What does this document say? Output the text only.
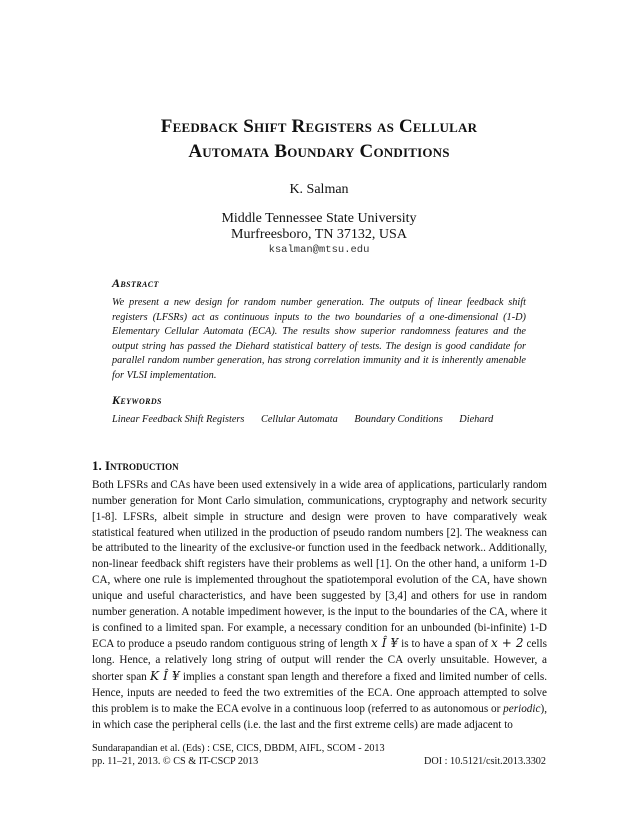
Feedback Shift Registers as Cellular
Automata Boundary Conditions
K. Salman
Middle Tennessee State University
Murfreesboro, TN 37132, USA
ksalman@mtsu.edu
Abstract
We present a new design for random number generation. The outputs of linear feedback shift registers (LFSRs) act as continuous inputs to the two boundaries of a one-dimensional (1-D) Elementary Cellular Automata (ECA). The results show superior randomness features and the output string has passed the Diehard statistical battery of tests. The design is good candidate for parallel random number generation, has strong correlation immunity and it is inherently amenable for VLSI implementation.
Keywords
Linear Feedback Shift Registers Cellular Automata Boundary Conditions Diehard
1. Introduction

Both LFSRs and CAs have been used extensively in a wide area of applications, particularly random number generation for Mont Carlo simulation, communications, cryptography and network security [1-8]. LFSRs, albeit simple in structure and design were proven to have comparatively weak statistical featured when utilized in the production of pseudo random numbers [2]. The weakness can be attributed to the linearity of the exclusive-or function used in the feedback network.. Additionally, non-linear feedback shift registers have their problems as well [1]. On the other hand, a uniform 1-D CA, where one rule is implemented throughout the spatiotemporal evolution of the CA, have shown unique and useful characteristics, and have been suggested by [3,4] and others for use in random number generation. A notable impediment however, is the input to the boundaries of the CA, where it is confined to a limited span. For example, a necessary condition for an unbounded (bi-infinite) 1-D ECA to produce a pseudo random contiguous string of length x Î ¥ is to have a span of x + 2 cells long. Hence, a relatively long string of output will render the CA overly unsuitable. However, a shorter span K Î ¥ implies a constant span length and therefore a fixed and limited number of cells. Hence, inputs are needed to feed the two extremities of the ECA. One approach attempted to solve this problem is to make the ECA evolve in a continuous loop (referred to as autonomous or periodic), in which case the peripheral cells (i.e. the last and the first extreme cells) are made adjacent to

Sundarapandian et al. (Eds) : CSE, CICS, DBDM, AIFL, SCOM - 2013
pp. 11–21, 2013. © CS & IT-CSCP 2013	DOI : 10.5121/csit.2013.3302
